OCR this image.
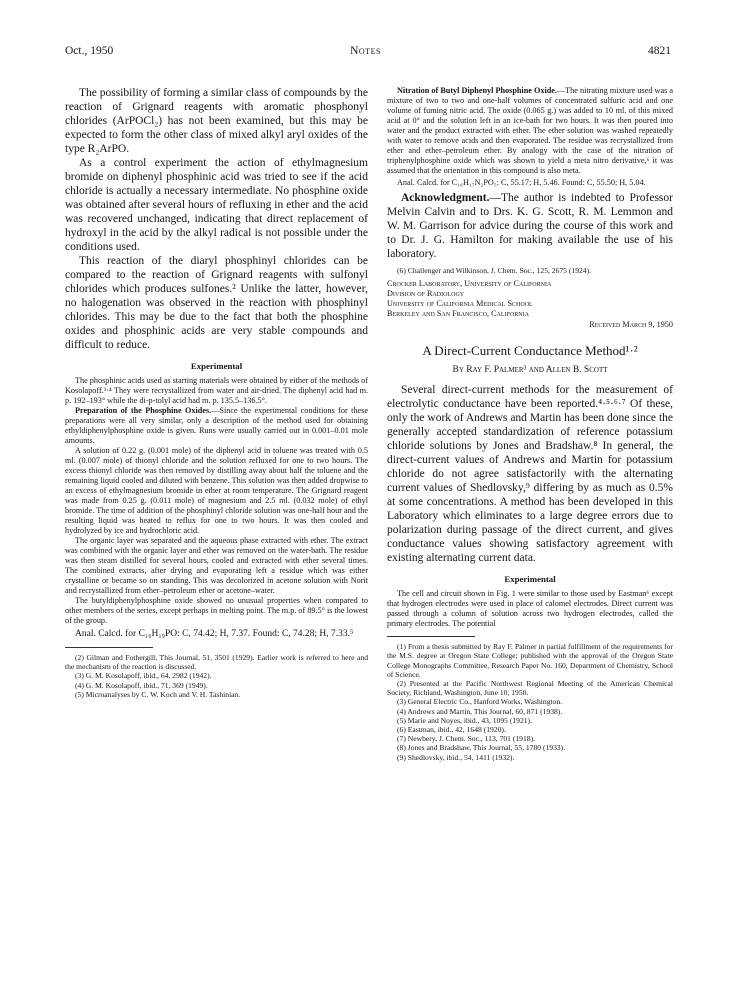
Oct., 1950	Notes	4821

The possibility of forming a similar class of compounds by the reaction of Grignard reagents with aromatic phosphonyl chlorides (ArPOCl₂) has not been examined, but this may be expected to form the other class of mixed alkyl aryl oxides of the type R₂ArPO.

As a control experiment the action of ethylmagnesium bromide on diphenyl phosphinic acid was tried to see if the acid chloride is actually a necessary intermediate. No phosphine oxide was obtained after several hours of refluxing in ether and the acid was recovered unchanged, indicating that direct replacement of hydroxyl in the acid by the alkyl radical is not possible under the conditions used.

This reaction of the diaryl phosphinyl chlorides can be compared to the reaction of Grignard reagents with sulfonyl chlorides which produces sulfones.² Unlike the latter, however, no halogenation was observed in the reaction with phosphinyl chlorides. This may be due to the fact that both the phosphine oxides and phosphinic acids are very stable compounds and difficult to reduce.

Experimental

The phosphinic acids used as starting materials were obtained by either of the methods of Kosolapoff.³·⁴ They were recrystallized from water and air-dried. The diphenyl acid had m. p. 192–193° while the di-p-tolyl acid had m. p. 135.5–136.5°.

Preparation of the Phosphine Oxides.—Since the experimental conditions for these preparations were all very similar, only a description of the method used for obtaining ethyldiphenylphosphine oxide is given. Runs were usually carried out in 0.001–0.01 mole amounts.

A solution of 0.22 g. (0.001 mole) of the diphenyl acid in toluene was treated with 0.5 ml. (0.007 mole) of thionyl chloride and the solution refluxed for one to two hours. The excess thionyl chloride was then removed by distilling away about half the toluene and the remaining liquid cooled and diluted with benzene. This solution was then added dropwise to an excess of ethylmagnesium bromide in ether at room temperature. The Grignard reagent was made from 0.25 g. (0.011 mole) of magnesium and 2.5 ml. (0.032 mole) of ethyl bromide. The time of addition of the phosphinyl chloride solution was one-half hour and the resulting liquid was heated to reflux for one to two hours. It was then cooled and hydrolyzed by ice and hydrochloric acid.

The organic layer was separated and the aqueous phase extracted with ether. The extract was combined with the organic layer and ether was removed on the water-bath. The residue was then steam distilled for several hours, cooled and extracted with ether several times. The combined extracts, after drying and evaporating left a residue which was either crystalline or became so on standing. This was decolorized in acetone solution with Norit and recrystallized from ether–petroleum ether or acetone–water.

The butyldiphenylphosphine oxide showed no unusual properties when compared to other members of the series, except perhaps in melting point. The m.p. of 89.5° is the lowest of the group.

Anal. Calcd. for C₁₆H₁₉PO: C, 74.42; H, 7.37. Found: C, 74.28; H, 7.33.⁵

(2) Gilman and Fothergill, This Journal, 51, 3501 (1929). Earlier work is referred to here and the mechanism of the reaction is discussed.

(3) G. M. Kosolapoff, ibid., 64, 2982 (1942).

(4) G. M. Kosolapoff, ibid., 71, 369 (1949).

(5) Microanalyses by C. W. Koch and V. H. Tashinian.

Nitration of Butyl Diphenyl Phosphine Oxide.—The nitrating mixture used was a mixture of two to two and one-half volumes of concentrated sulfuric acid and one volume of fuming nitric acid. The oxide (0.065 g.) was added to 10 ml. of this mixed acid at 0° and the solution left in an ice-bath for two hours. It was then poured into water and the product extracted with ether. The ether solution was washed repeatedly with water to remove acids and then evaporated. The residue was recrystallized from ether and ether–petroleum ether. By analogy with the case of the nitration of triphenylphosphine oxide which was shown to yield a meta nitro derivative,⁶ it was assumed that the orientation in this compound is also meta.

Anal. Calcd. for C₁₆H₁₇N₂PO₅: C, 55.17; H, 5.46. Found: C, 55.50; H, 5.04.

Acknowledgment.—The author is indebted to Professor Melvin Calvin and to Drs. K. G. Scott, R. M. Lemmon and W. M. Garrison for advice during the course of this work and to Dr. J. G. Hamilton for making available the use of his laboratory.

(6) Challenger and Wilkinson, J. Chem. Soc., 125, 2675 (1924).

Crocker Laboratory, University of California
Division of Radiology
University of California Medical School
Berkeley and San Francisco, California
Received March 9, 1950
A Direct-Current Conductance Method¹·²
By Ray F. Palmer³ and Allen B. Scott

Several direct-current methods for the measurement of electrolytic conductance have been reported.⁴·⁵·⁶·⁷ Of these, only the work of Andrews and Martin has been done since the generally accepted standardization of reference potassium chloride solutions by Jones and Bradshaw.⁸ In general, the direct-current values of Andrews and Martin for potassium chloride do not agree satisfactorily with the alternating current values of Shedlovsky,⁹ differing by as much as 0.5% at some concentrations. A method has been developed in this Laboratory which eliminates to a large degree errors due to polarization during passage of the direct current, and gives conductance values showing satisfactory agreement with existing alternating current data.

Experimental

The cell and circuit shown in Fig. 1 were similar to those used by Eastman⁶ except that hydrogen electrodes were used in place of calomel electrodes. Direct current was passed through a column of solution across two hydrogen electrodes, called the primary electrodes. The potential

(1) From a thesis submitted by Ray F. Palmer in partial fulfillment of the requirements for the M.S. degree at Oregon State College; published with the approval of the Oregon State College Monographs Committee, Research Paper No. 160, Department of Chemistry, School of Science.

(2) Presented at the Pacific Northwest Regional Meeting of the American Chemical Society, Richland, Washington, June 10, 1950.

(3) General Electric Co., Hanford Works, Washington.

(4) Andrews and Martin, This Journal, 60, 871 (1938).

(5) Marie and Noyes, ibid., 43, 1095 (1921).

(6) Eastman, ibid., 42, 1648 (1920).

(7) Newbery, J. Chem. Soc., 113, 701 (1918).

(8) Jones and Bradshaw, This Journal, 55, 1780 (1933).

(9) Shedlovsky, ibid., 54, 1411 (1932).
